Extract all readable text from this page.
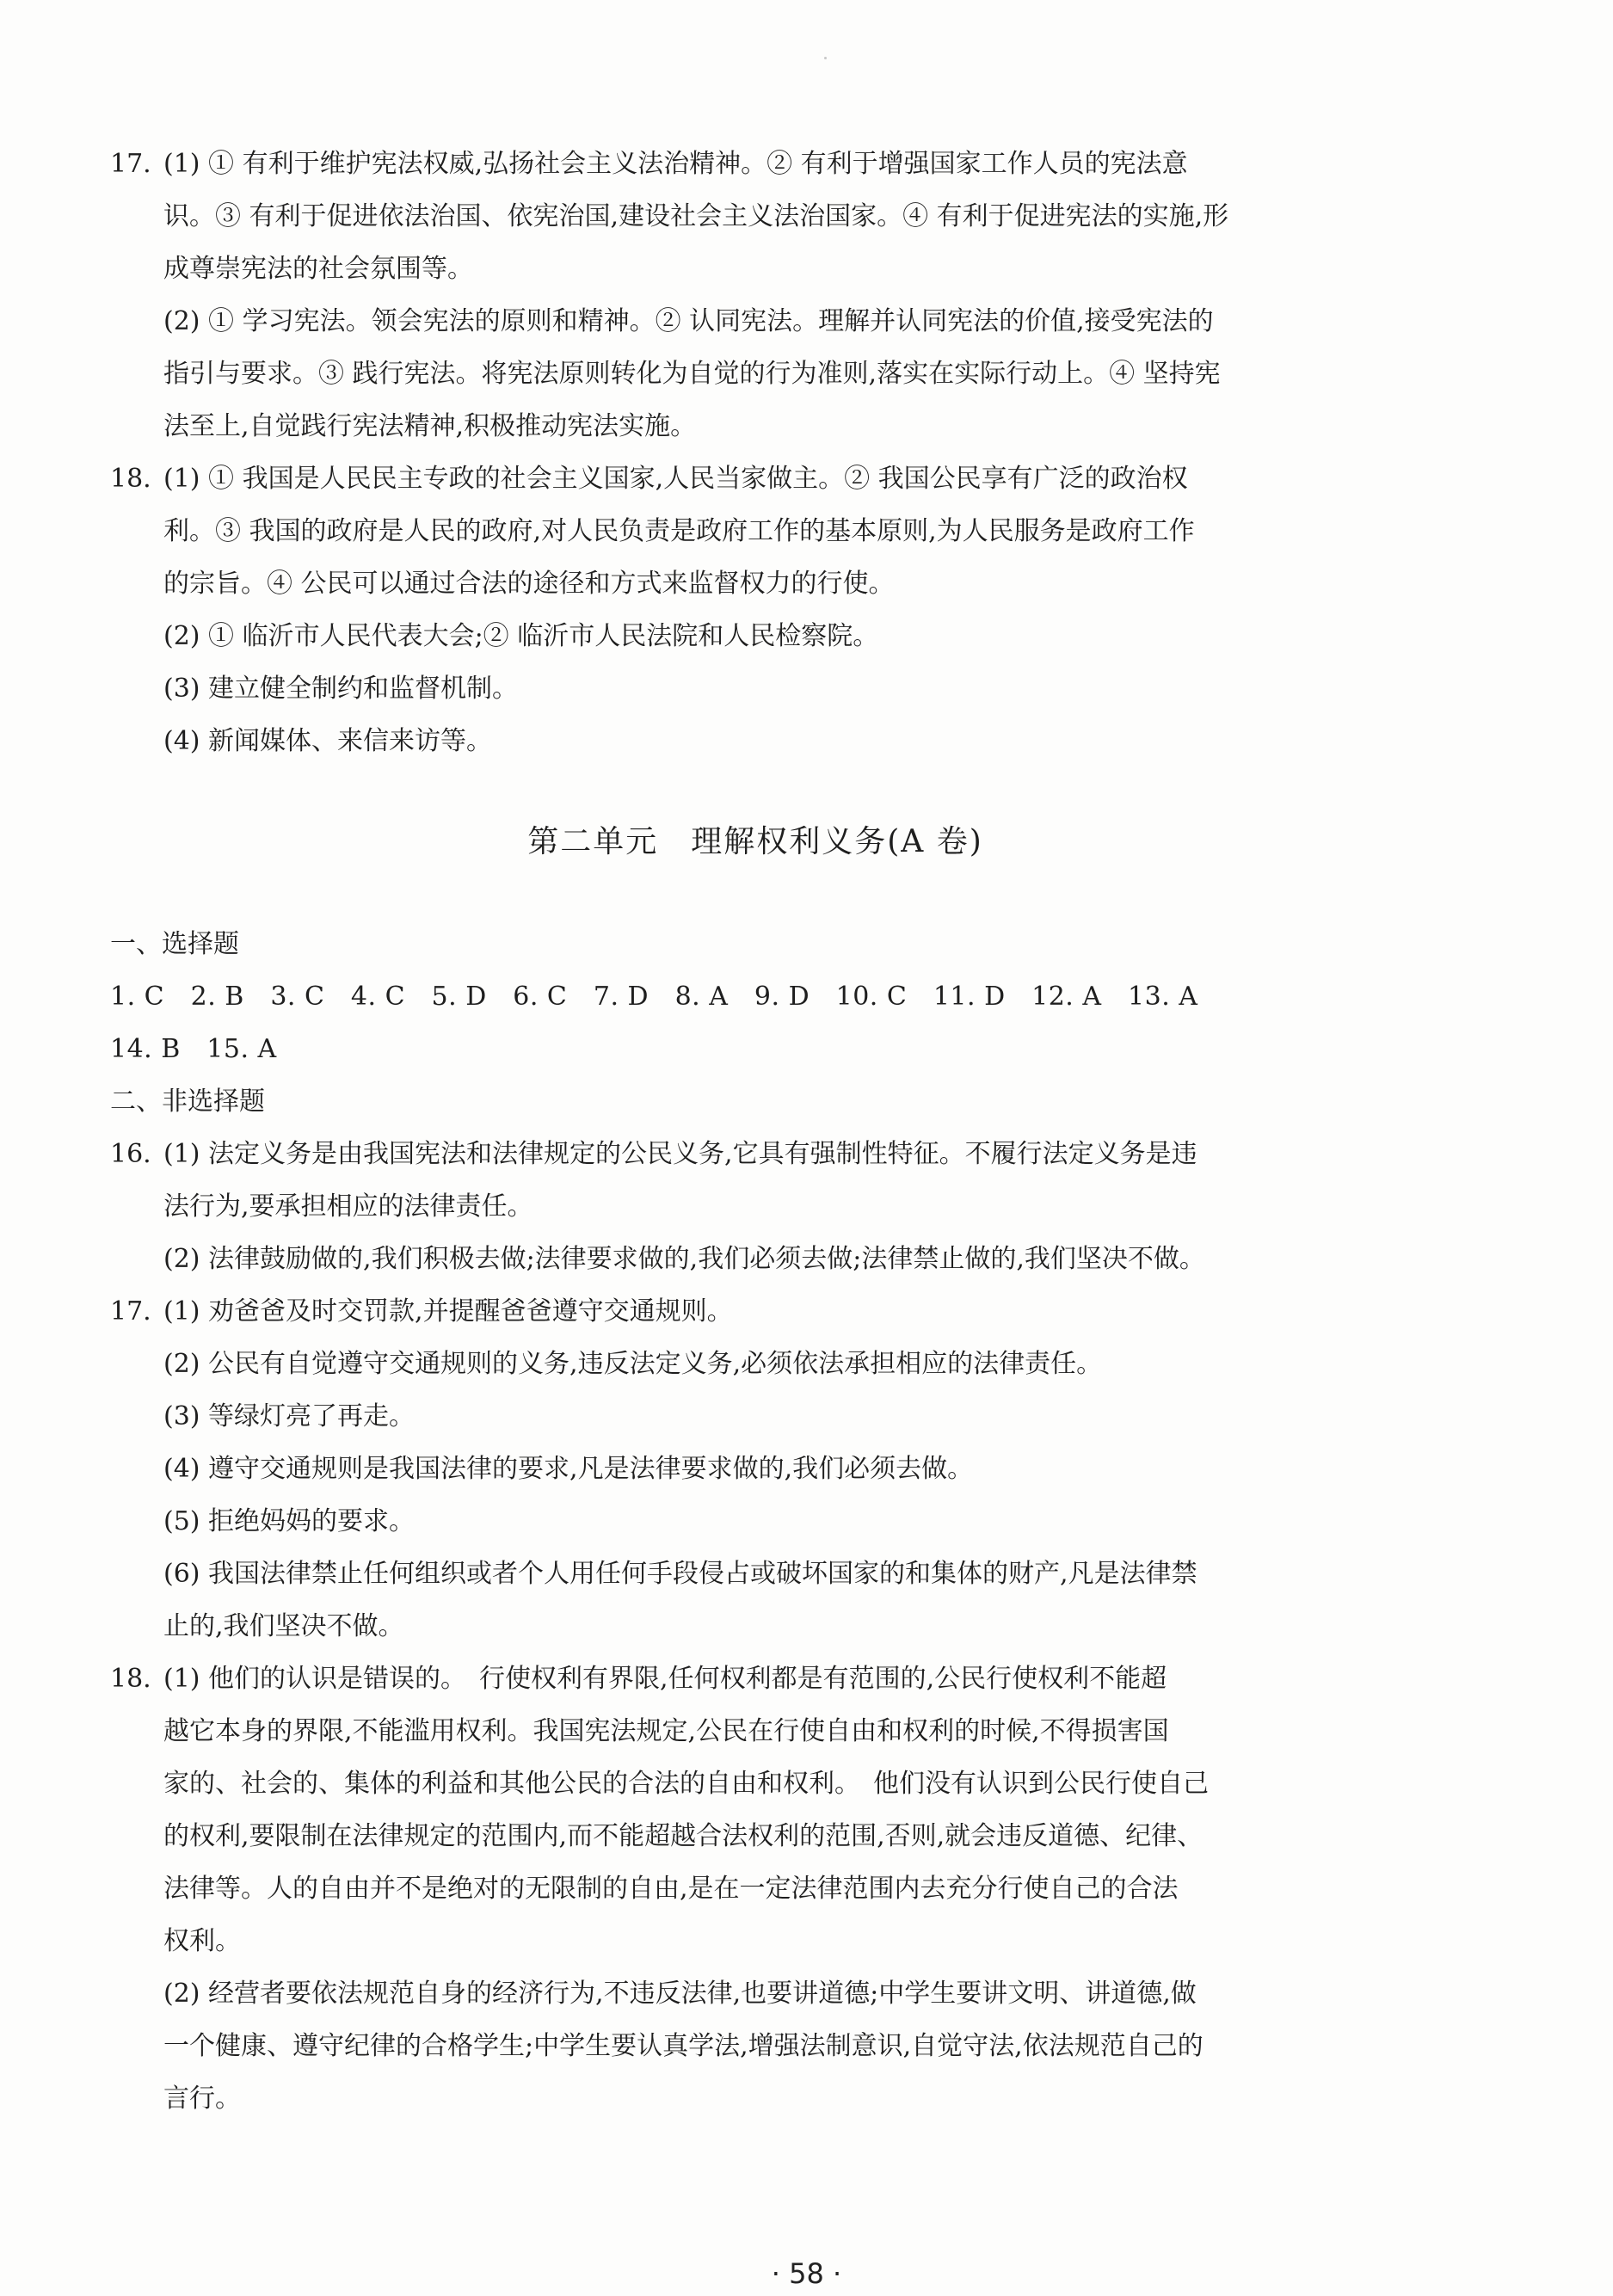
17. (1) ① 有利于维护宪法权威,弘扬社会主义法治精神。② 有利于增强国家工作人员的宪法意
识。③ 有利于促进依法治国、依宪治国,建设社会主义法治国家。④ 有利于促进宪法的实施,形
成尊崇宪法的社会氛围等。
(2) ① 学习宪法。领会宪法的原则和精神。② 认同宪法。理解并认同宪法的价值,接受宪法的
指引与要求。③ 践行宪法。将宪法原则转化为自觉的行为准则,落实在实际行动上。④ 坚持宪
法至上,自觉践行宪法精神,积极推动宪法实施。
18. (1) ① 我国是人民民主专政的社会主义国家,人民当家做主。② 我国公民享有广泛的政治权
利。③ 我国的政府是人民的政府,对人民负责是政府工作的基本原则,为人民服务是政府工作
的宗旨。④ 公民可以通过合法的途径和方式来监督权力的行使。
(2) ① 临沂市人民代表大会;② 临沂市人民法院和人民检察院。
(3) 建立健全制约和监督机制。
(4) 新闻媒体、来信来访等。
第二单元　理解权利义务(A 卷)
一、选择题
1. C　2. B　3. C　4. C　5. D　6. C　7. D　8. A　9. D　10. C　11. D　12. A　13. A
14. B　15. A
二、非选择题
16. (1) 法定义务是由我国宪法和法律规定的公民义务,它具有强制性特征。不履行法定义务是违
法行为,要承担相应的法律责任。
(2) 法律鼓励做的,我们积极去做;法律要求做的,我们必须去做;法律禁止做的,我们坚决不做。
17. (1) 劝爸爸及时交罚款,并提醒爸爸遵守交通规则。
(2) 公民有自觉遵守交通规则的义务,违反法定义务,必须依法承担相应的法律责任。
(3) 等绿灯亮了再走。
(4) 遵守交通规则是我国法律的要求,凡是法律要求做的,我们必须去做。
(5) 拒绝妈妈的要求。
(6) 我国法律禁止任何组织或者个人用任何手段侵占或破坏国家的和集体的财产,凡是法律禁
止的,我们坚决不做。
18. (1) 他们的认识是错误的。　行使权利有界限,任何权利都是有范围的,公民行使权利不能超
越它本身的界限,不能滥用权利。我国宪法规定,公民在行使自由和权利的时候,不得损害国
家的、社会的、集体的利益和其他公民的合法的自由和权利。　他们没有认识到公民行使自己
的权利,要限制在法律规定的范围内,而不能超越合法权利的范围,否则,就会违反道德、纪律、
法律等。人的自由并不是绝对的无限制的自由,是在一定法律范围内去充分行使自己的合法
权利。
(2) 经营者要依法规范自身的经济行为,不违反法律,也要讲道德;中学生要讲文明、讲道德,做
一个健康、遵守纪律的合格学生;中学生要认真学法,增强法制意识,自觉守法,依法规范自己的
言行。
· 58 ·
